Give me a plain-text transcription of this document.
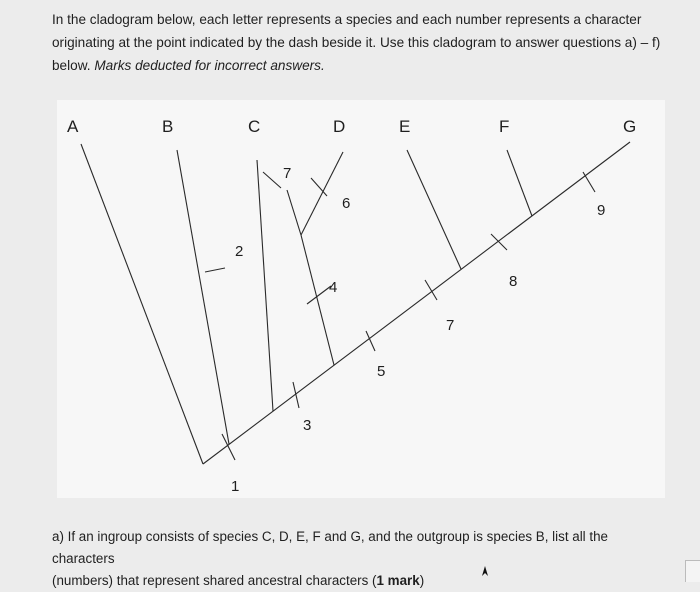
In the cladogram below, each letter represents a species and each number represents a character
originating at the point indicated by the dash beside it. Use this cladogram to answer questions a) – f)
below. Marks deducted for incorrect answers.
A	B	C	D	E	F	G
1
2
3
4
5
6
7
7
8
9
a) If an ingroup consists of species C, D, E, F and G, and the outgroup is species B, list all the characters
(numbers) that represent shared ancestral characters (1 mark)
